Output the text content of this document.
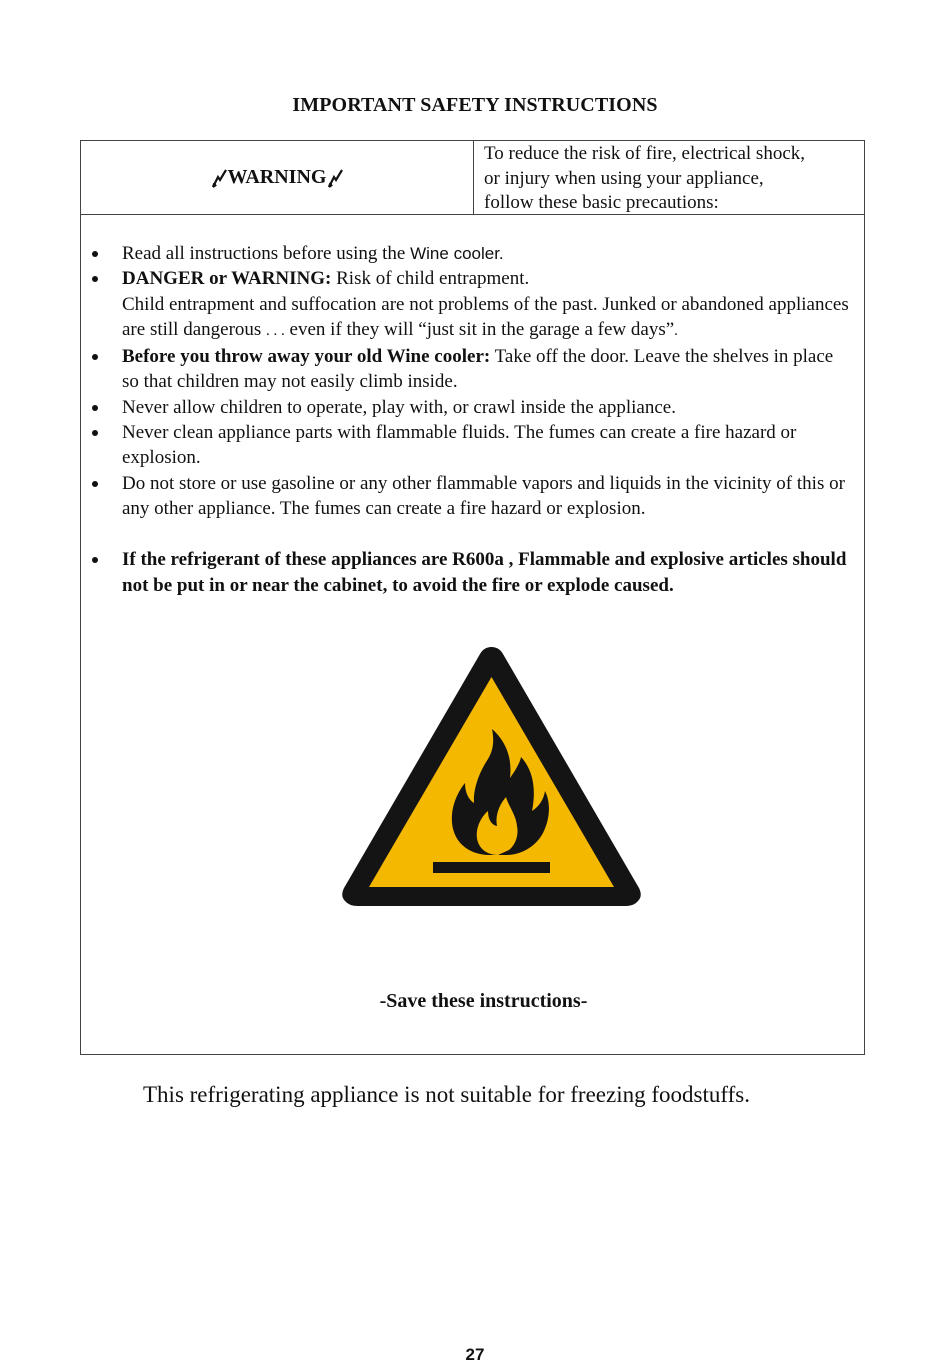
IMPORTANT SAFETY INSTRUCTIONS
WARNING
To reduce the risk of fire, electrical shock,
or injury when using your appliance,
follow these basic precautions:
Read all instructions before using the Wine cooler.
DANGER or WARNING: Risk of child entrapment.
Child entrapment and suffocation are not problems of the past. Junked or abandoned appliances are still dangerous . . . even if they will “just sit in the garage a few days”.
Before you throw away your old Wine cooler: Take off the door. Leave the shelves in place so that children may not easily climb inside.
Never allow children to operate, play with, or crawl inside the appliance.
Never clean appliance parts with flammable fluids. The fumes can create a fire hazard or explosion.
Do not store or use gasoline or any other flammable vapors and liquids in the vicinity of this or any other appliance. The fumes can create a fire hazard or explosion.
If the refrigerant of these appliances are R600a , Flammable and explosive articles should not be put in or near the cabinet, to avoid the fire or explode caused.
-Save these instructions-
This refrigerating appliance is not suitable for freezing foodstuffs.
27
